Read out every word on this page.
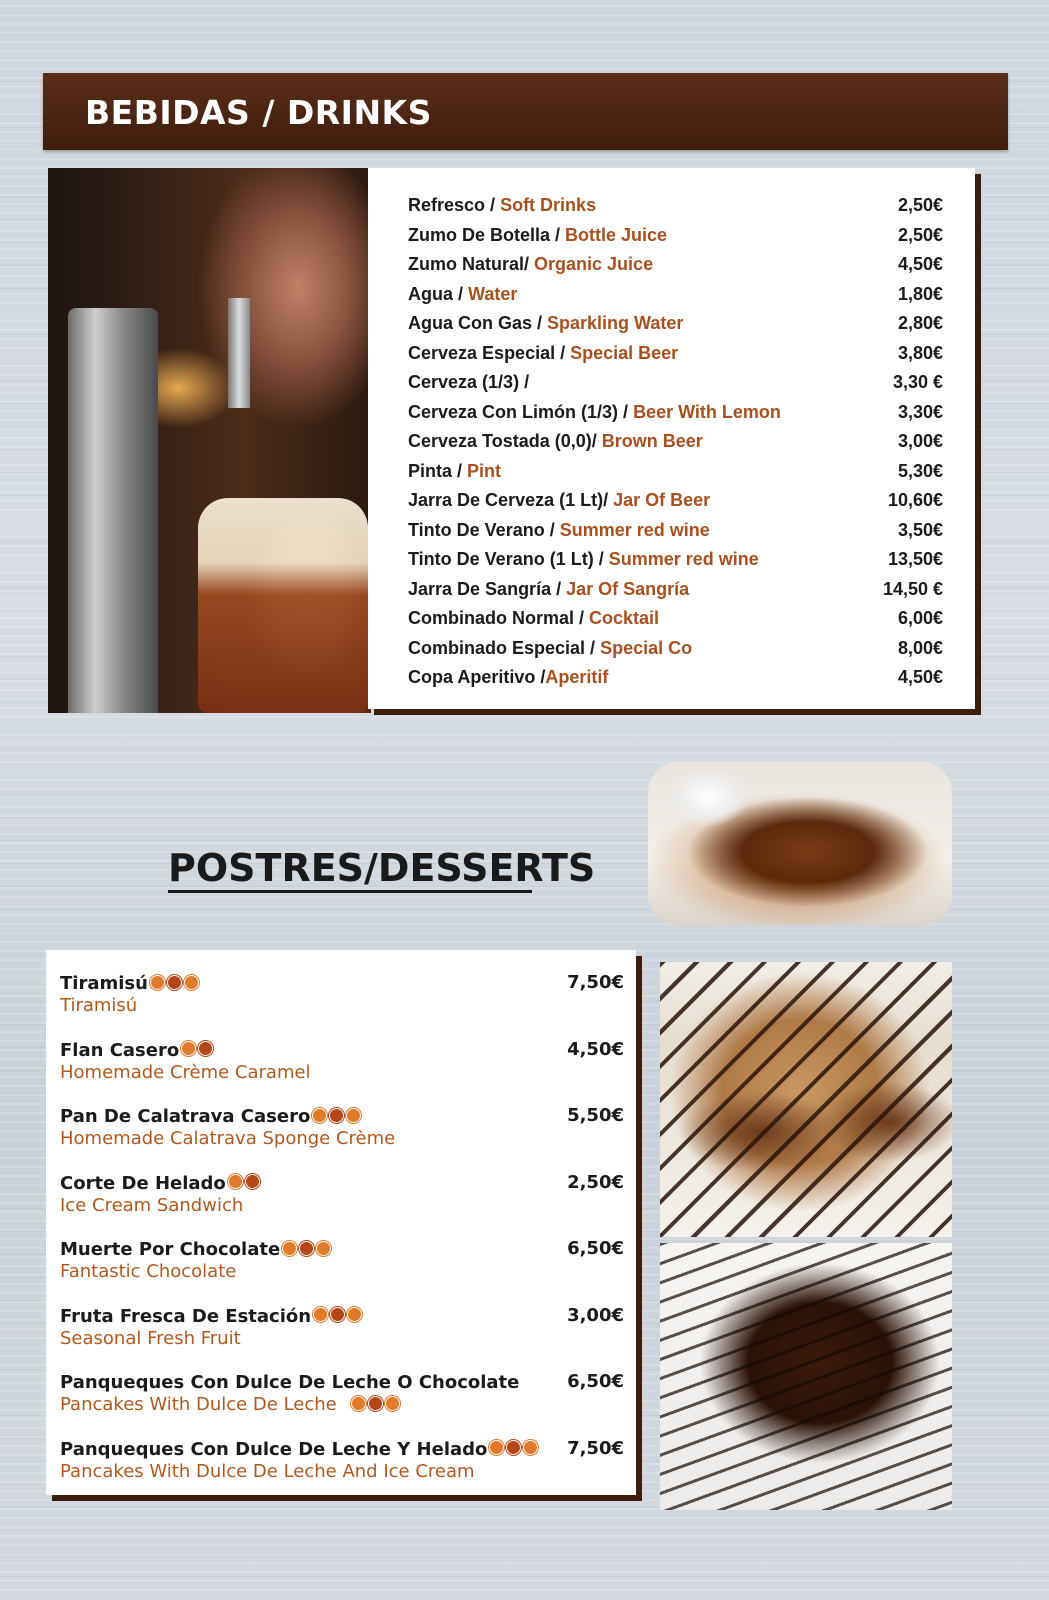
BEBIDAS / DRINKS
Refresco / Soft Drinks	2,50€
Zumo De Botella / Bottle Juice	2,50€
Zumo Natural/ Organic Juice	4,50€
Agua / Water	1,80€
Agua Con Gas / Sparkling Water	2,80€
Cerveza Especial / Special Beer	3,80€
Cerveza (1/3) /	3,30 €
Cerveza Con Limón (1/3) / Beer With Lemon	3,30€
Cerveza Tostada (0,0)/ Brown Beer	3,00€
Pinta / Pint	5,30€
Jarra De Cerveza (1 Lt)/ Jar Of Beer	10,60€
Tinto De Verano / Summer red wine	3,50€
Tinto De Verano (1 Lt) / Summer red wine	13,50€
Jarra De Sangría / Jar Of Sangría	14,50 €
Combinado Normal / Cocktail	6,00€
Combinado Especial / Special Co	8,00€
Copa Aperitivo /Aperitif	4,50€
POSTRES/DESSERTS
Tiramisú
Tiramisú
7,50€
Flan Casero
Homemade Crème Caramel
4,50€
Pan De Calatrava Casero
Homemade Calatrava Sponge Crème
5,50€
Corte De Helado
Ice Cream Sandwich
2,50€
Muerte Por Chocolate
Fantastic Chocolate
6,50€
Fruta Fresca De Estación
Seasonal Fresh Fruit
3,00€
Panqueques Con Dulce De Leche O Chocolate
Pancakes With Dulce De Leche
6,50€
Panqueques Con Dulce De Leche Y Helado
Pancakes With Dulce De Leche And Ice Cream
7,50€
